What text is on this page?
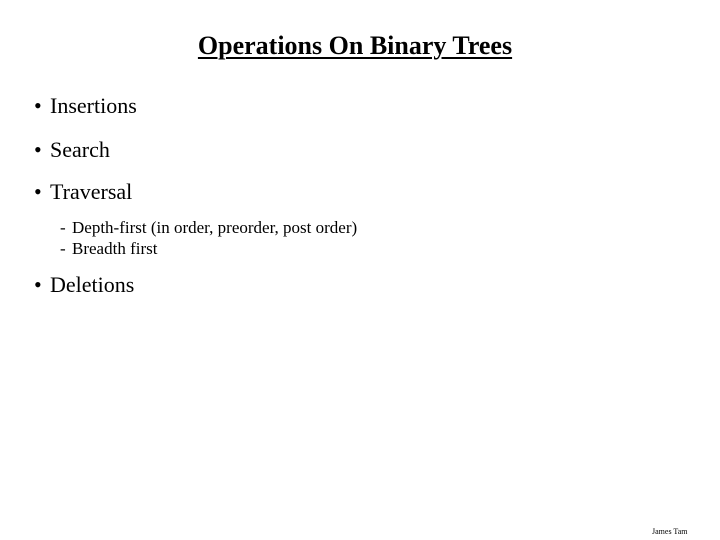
Operations On Binary Trees
• Insertions
• Search
• Traversal
- Depth-first (in order, preorder, post order)
- Breadth first
• Deletions
James Tam
